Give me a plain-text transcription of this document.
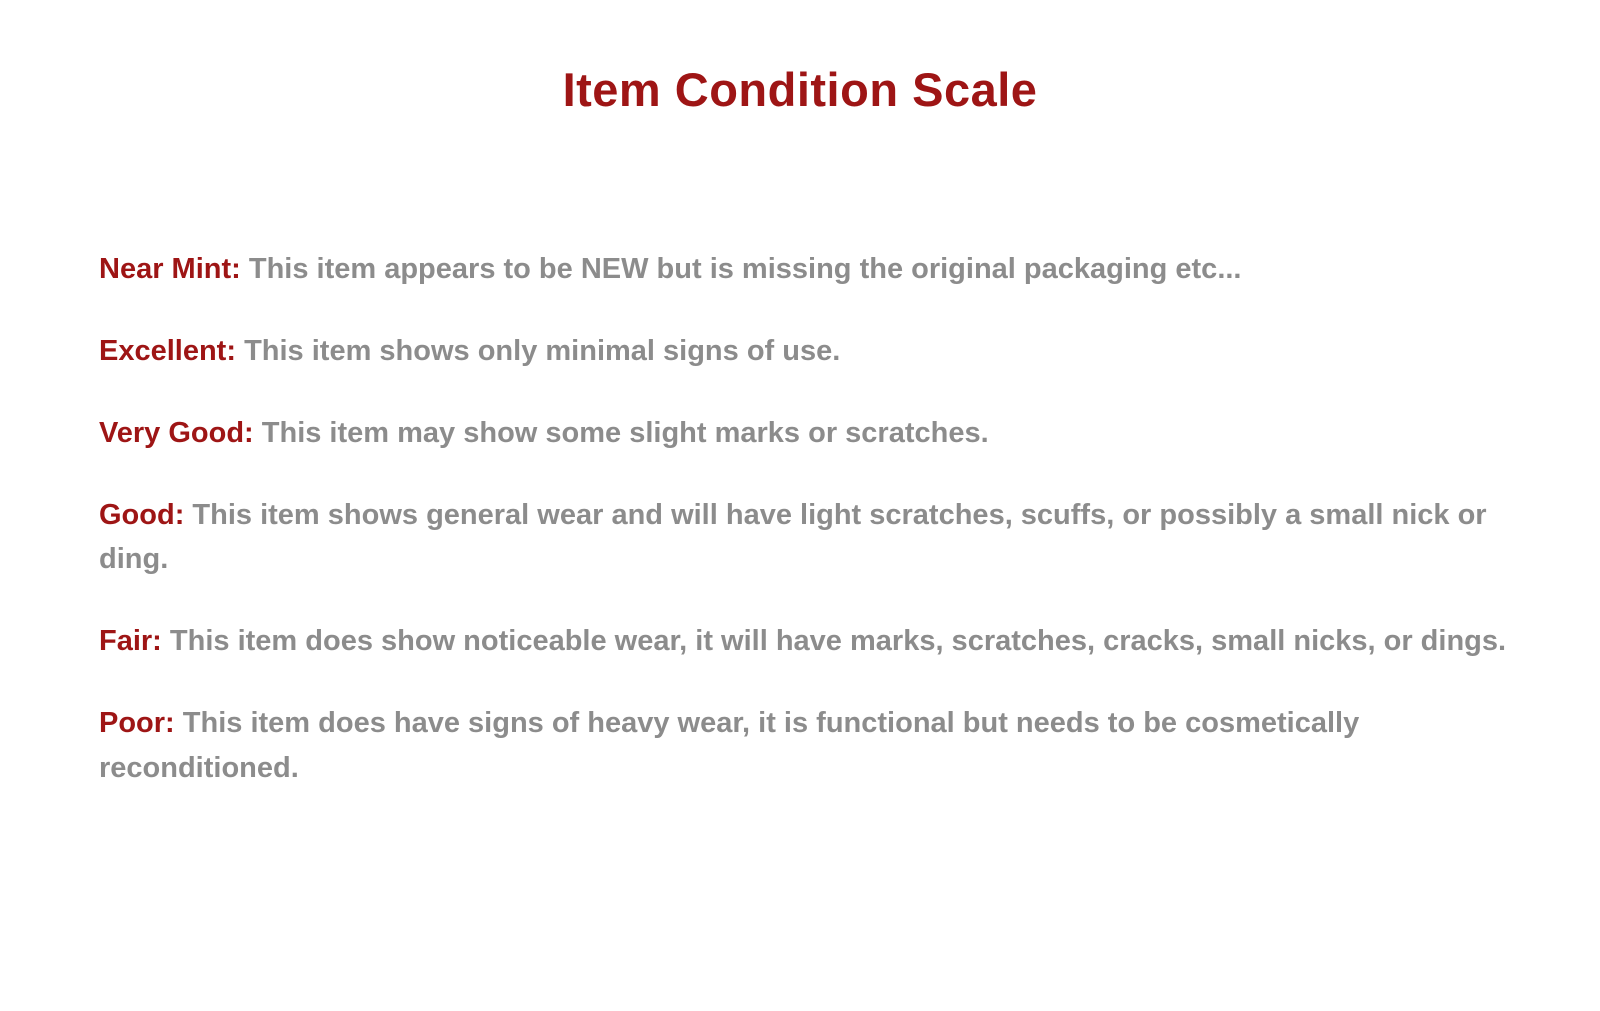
Item Condition Scale

Near Mint: This item appears to be NEW but is missing the original packaging etc...

Excellent: This item shows only minimal signs of use.

Very Good: This item may show some slight marks or scratches.

Good: This item shows general wear and will have light scratches, scuffs, or possibly a small nick or ding.

Fair: This item does show noticeable wear, it will have marks, scratches, cracks, small nicks, or dings.

Poor: This item does have signs of heavy wear, it is functional but needs to be cosmetically reconditioned.
